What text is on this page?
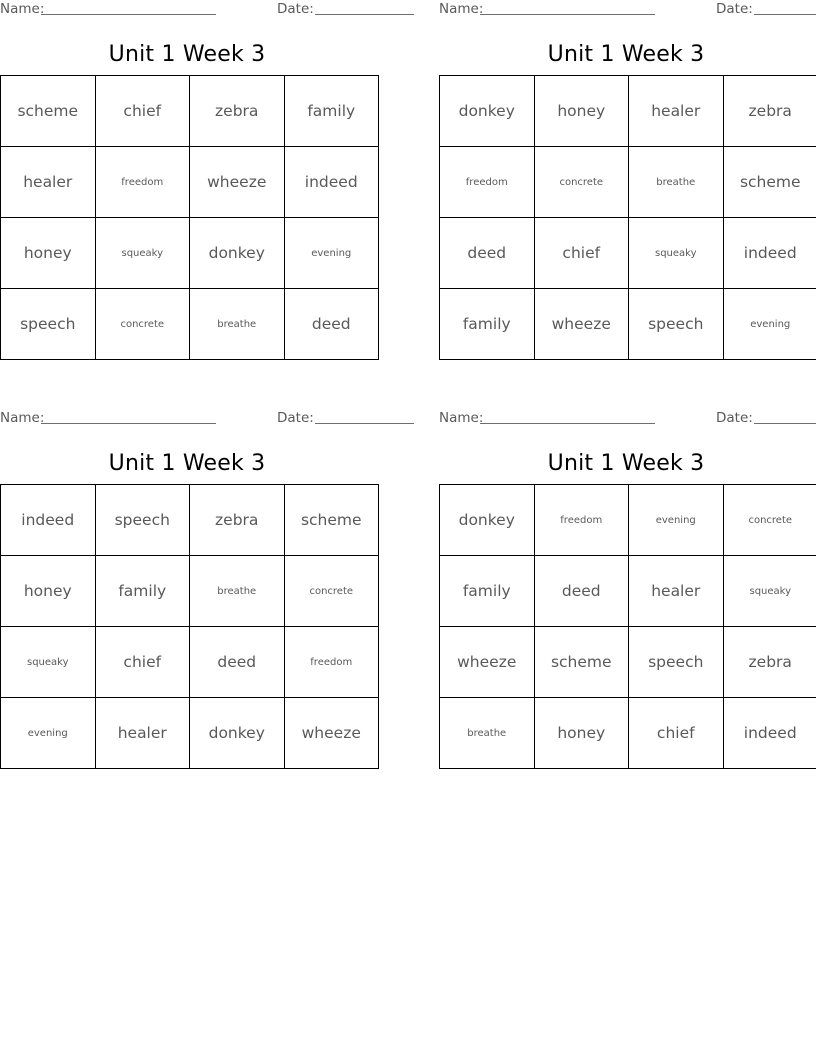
Name:	Date:
Unit 1 Week 3
scheme	chief	zebra	family
healer	freedom	wheeze	indeed
honey	squeaky	donkey	evening
speech	concrete	breathe	deed
Name:	Date:
Unit 1 Week 3
donkey	honey	healer	zebra
freedom	concrete	breathe	scheme
deed	chief	squeaky	indeed
family	wheeze	speech	evening
Name:	Date:
Unit 1 Week 3
indeed	speech	zebra	scheme
honey	family	breathe	concrete
squeaky	chief	deed	freedom
evening	healer	donkey	wheeze
Name:	Date:
Unit 1 Week 3
donkey	freedom	evening	concrete
family	deed	healer	squeaky
wheeze	scheme	speech	zebra
breathe	honey	chief	indeed
